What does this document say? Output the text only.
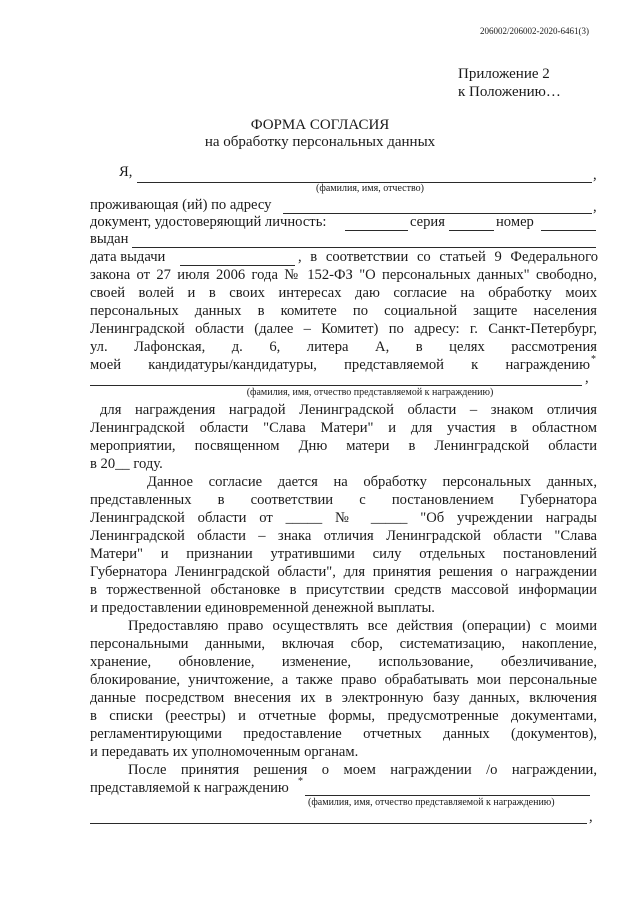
206002/206002-2020-6461(3)
Приложение 2
к Положению…
ФОРМА СОГЛАСИЯ
на обработку персональных данных
Я,	,
(фамилия, имя, отчество)
проживающая (ий) по адресу	,
документ, удостоверяющий личность:	серия	номер
выдан
дата выдачи	, в соответствии со статьей 9 Федерального
закона от 27 июля 2006 года № 152-ФЗ "О персональных данных" свободно,
своей волей и в своих интересах даю согласие на обработку моих
персональных данных в комитете по социальной защите населения
Ленинградской области (далее – Комитет) по адресу: г. Санкт-Петербург,
ул. Лафонская, д. 6, литера А, в целях рассмотрения
моей кандидатуры/кандидатуры, представляемой к награждению *
,
(фамилия, имя, отчество представляемой к награждению)
для награждения наградой Ленинградской области – знаком отличия
Ленинградской области "Слава Матери" и для участия в областном
мероприятии, посвященном Дню матери в Ленинградской области
в 20__ году.
Данное согласие дается на обработку персональных данных,
представленных в соответствии с постановлением Губернатора
Ленинградской области от _____ № _____ "Об учреждении награды
Ленинградской области – знака отличия Ленинградской области "Слава
Матери" и признании утратившими силу отдельных постановлений
Губернатора Ленинградской области", для принятия решения о награждении
в торжественной обстановке в присутствии средств массовой информации
и предоставлении единовременной денежной выплаты.
Предоставляю право осуществлять все действия (операции) с моими
персональными данными, включая сбор, систематизацию, накопление,
хранение, обновление, изменение, использование, обезличивание,
блокирование, уничтожение, а также право обрабатывать мои персональные
данные посредством внесения их в электронную базу данных, включения
в списки (реестры) и отчетные формы, предусмотренные документами,
регламентирующими предоставление отчетных данных (документов),
и передавать их уполномоченным органам.
После принятия решения о моем награждении /о награждении,
представляемой к награждению *
(фамилия, имя, отчество представляемой к награждению)
,
